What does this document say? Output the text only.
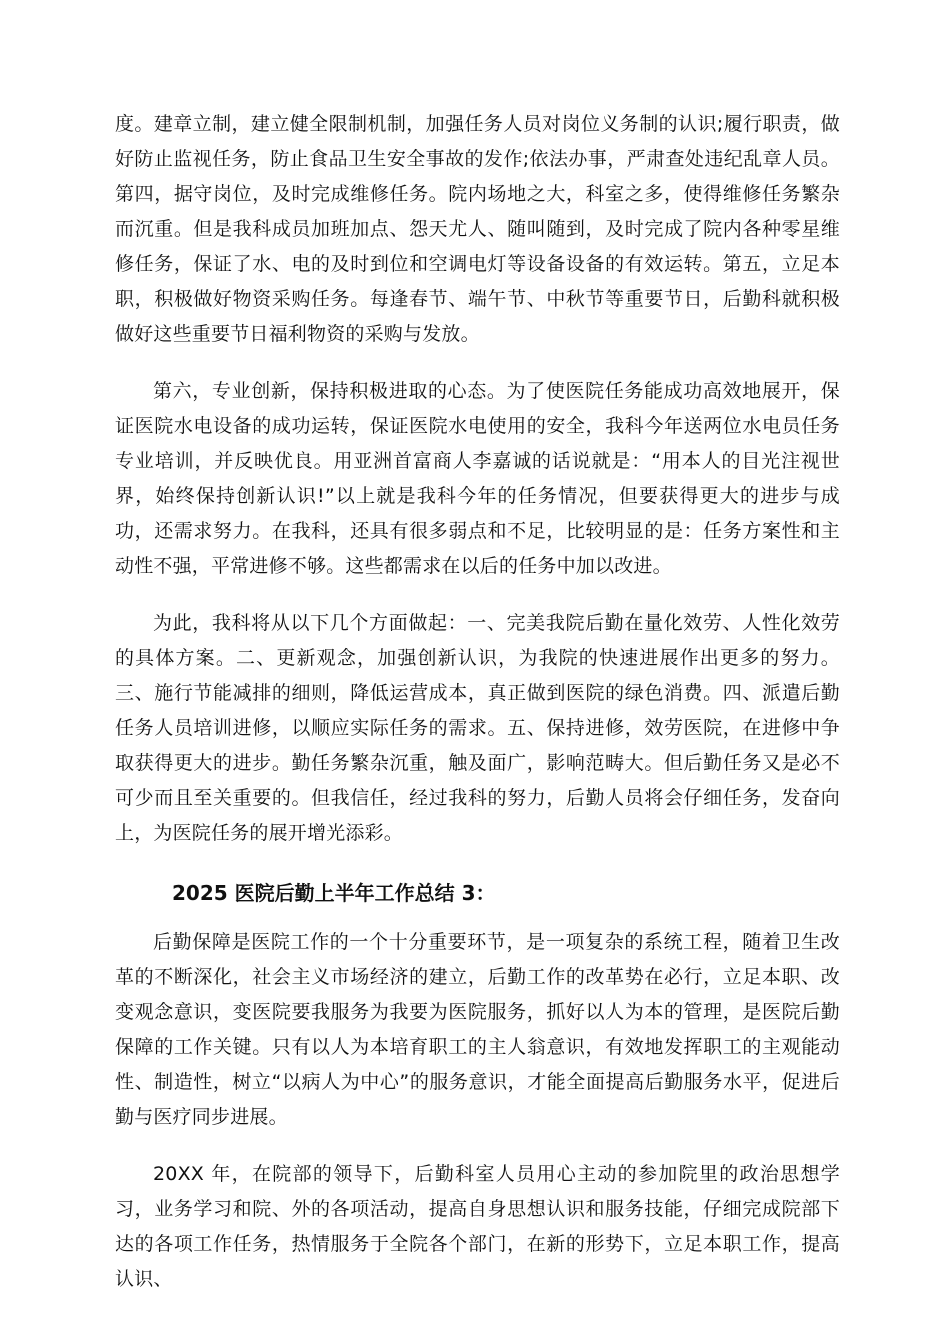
度。建章立制，建立健全限制机制，加强任务人员对岗位义务制的认识;履行职责，做好防止监视任务，防止食品卫生安全事故的发作;依法办事，严肃查处违纪乱章人员。第四，据守岗位，及时完成维修任务。院内场地之大，科室之多，使得维修任务繁杂而沉重。但是我科成员加班加点、怨天尤人、随叫随到，及时完成了院内各种零星维修任务，保证了水、电的及时到位和空调电灯等设备设备的有效运转。第五，立足本职，积极做好物资采购任务。每逢春节、端午节、中秋节等重要节日，后勤科就积极做好这些重要节日福利物资的采购与发放。

第六，专业创新，保持积极进取的心态。为了使医院任务能成功高效地展开，保证医院水电设备的成功运转，保证医院水电使用的安全，我科今年送两位水电员任务专业培训，并反映优良。用亚洲首富商人李嘉诚的话说就是：“用本人的目光注视世界，始终保持创新认识!”以上就是我科今年的任务情况，但要获得更大的进步与成功，还需求努力。在我科，还具有很多弱点和不足，比较明显的是：任务方案性和主动性不强，平常进修不够。这些都需求在以后的任务中加以改进。

为此，我科将从以下几个方面做起：一、完美我院后勤在量化效劳、人性化效劳的具体方案。二、更新观念，加强创新认识，为我院的快速进展作出更多的努力。三、施行节能减排的细则，降低运营成本，真正做到医院的绿色消费。四、派遣后勤任务人员培训进修，以顺应实际任务的需求。五、保持进修，效劳医院，在进修中争取获得更大的进步。勤任务繁杂沉重，触及面广，影响范畴大。但后勤任务又是必不可少而且至关重要的。但我信任，经过我科的努力，后勤人员将会仔细任务，发奋向上，为医院任务的展开增光添彩。

2025 医院后勤上半年工作总结 3：

后勤保障是医院工作的一个十分重要环节，是一项复杂的系统工程，随着卫生改革的不断深化，社会主义市场经济的建立，后勤工作的改革势在必行，立足本职、改变观念意识，变医院要我服务为我要为医院服务，抓好以人为本的管理，是医院后勤保障的工作关键。只有以人为本培育职工的主人翁意识，有效地发挥职工的主观能动性、制造性，树立“以病人为中心”的服务意识，才能全面提高后勤服务水平，促进后勤与医疗同步进展。

20XX 年，在院部的领导下，后勤科室人员用心主动的参加院里的政治思想学习，业务学习和院、外的各项活动，提高自身思想认识和服务技能，仔细完成院部下达的各项工作任务，热情服务于全院各个部门，在新的形势下，立足本职工作，提高认识、
